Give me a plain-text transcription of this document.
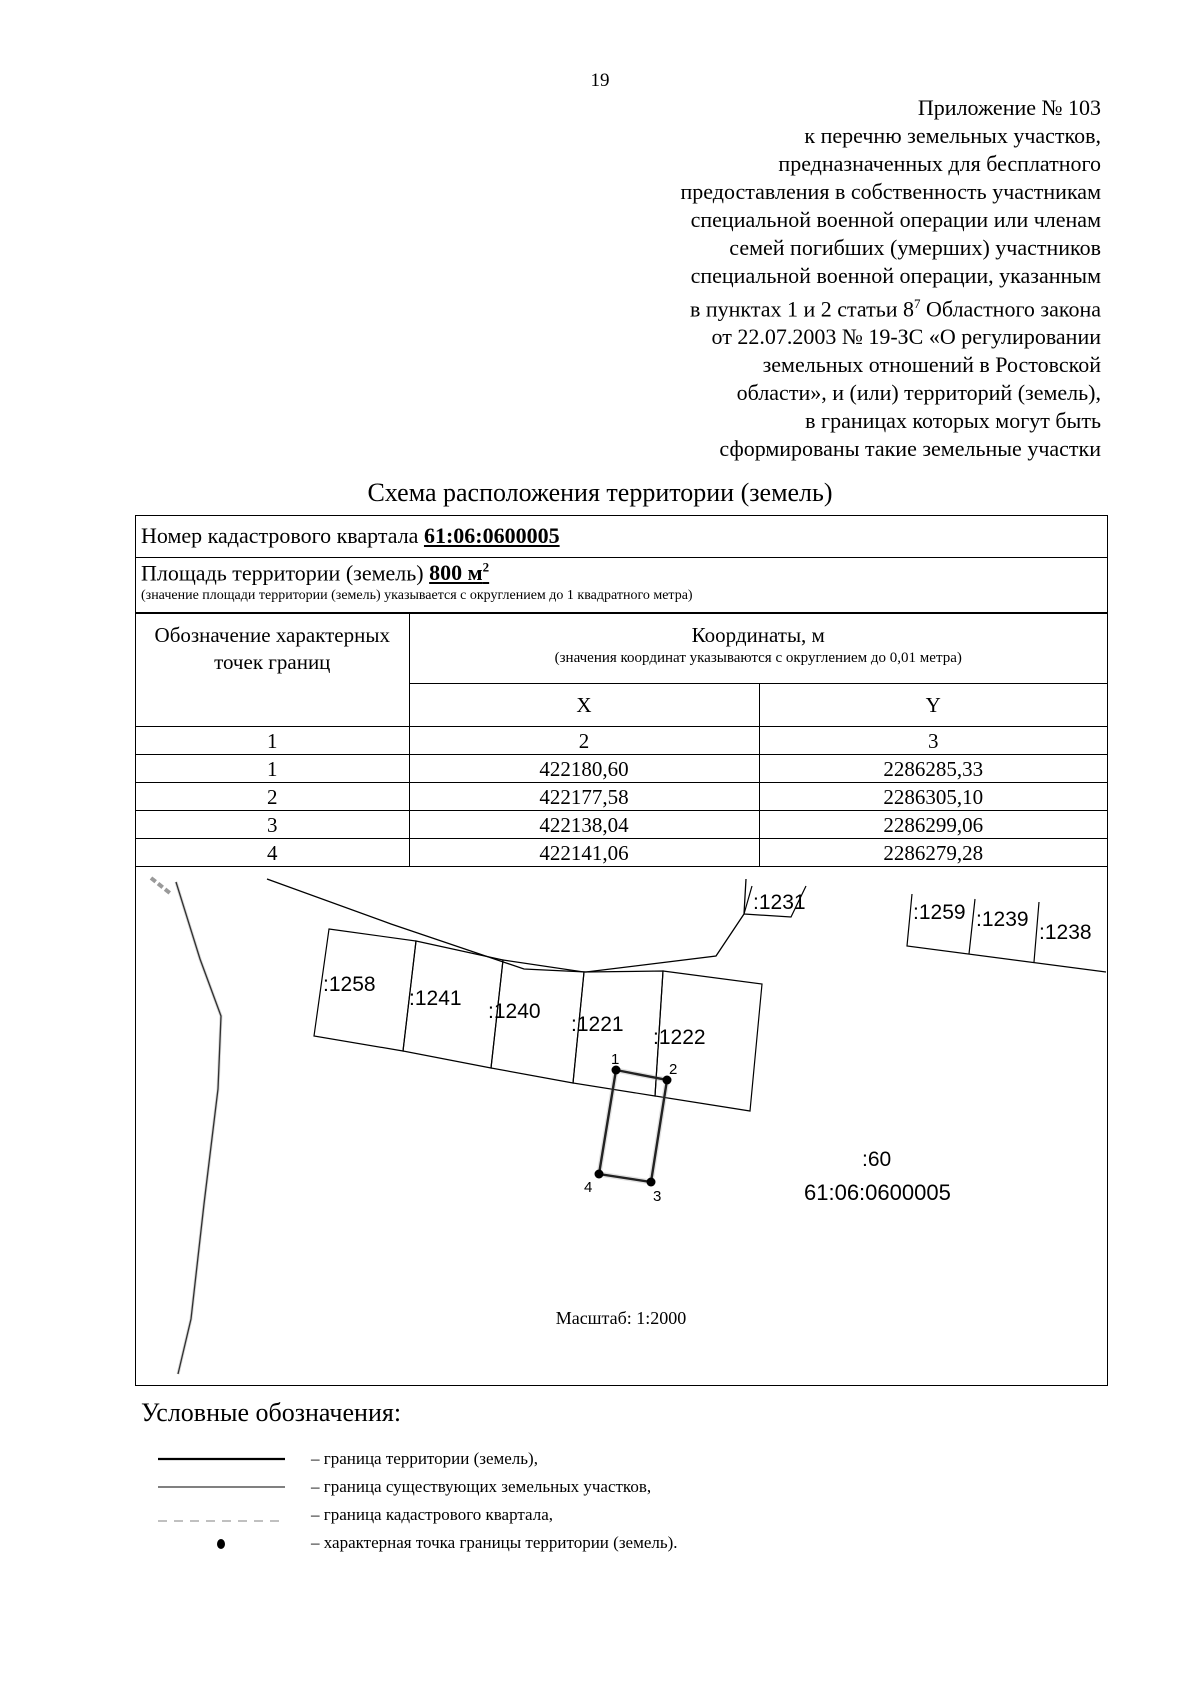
19
Приложение № 103
к перечню земельных участков,
предназначенных для бесплатного
предоставления в собственность участникам
специальной военной операции или членам
семей погибших (умерших) участников
специальной военной операции, указанным
в пунктах 1 и 2 статьи $8^7$ Областного закона
от 22.07.2003 № 19-ЗС «О регулировании
земельных отношений в Ростовской
области», и (или) территорий (земель),
в границах которых могут быть
сформированы такие земельные участки
Схема расположения территории (земель)
Номер кадастрового квартала 61:06:0600005
Площадь территории (земель) 800 $м^2$
(значение площади территории (земель) указывается с округлением до 1 квадратного метра)
Обозначение характерных точек границ	Координаты, м
(значения координат указываются с округлением до 0,01 метра)	

	X	Y
1	2	3
1	422180,60	2286285,33
2	422177,58	2286305,10
3	422138,04	2286299,06
4	422141,06	2286279,28
:1258
:1241
:1240
:1221
:1222
:1231	:1259 :1239
:1238
1
2
3
4
:60
61:06:0600005
Масштаб: 1:2000
Условные обозначения:
– граница территории (земель),
– граница существующих земельных участков,
– граница кадастрового квартала,
– характерная точка границы территории (земель).
